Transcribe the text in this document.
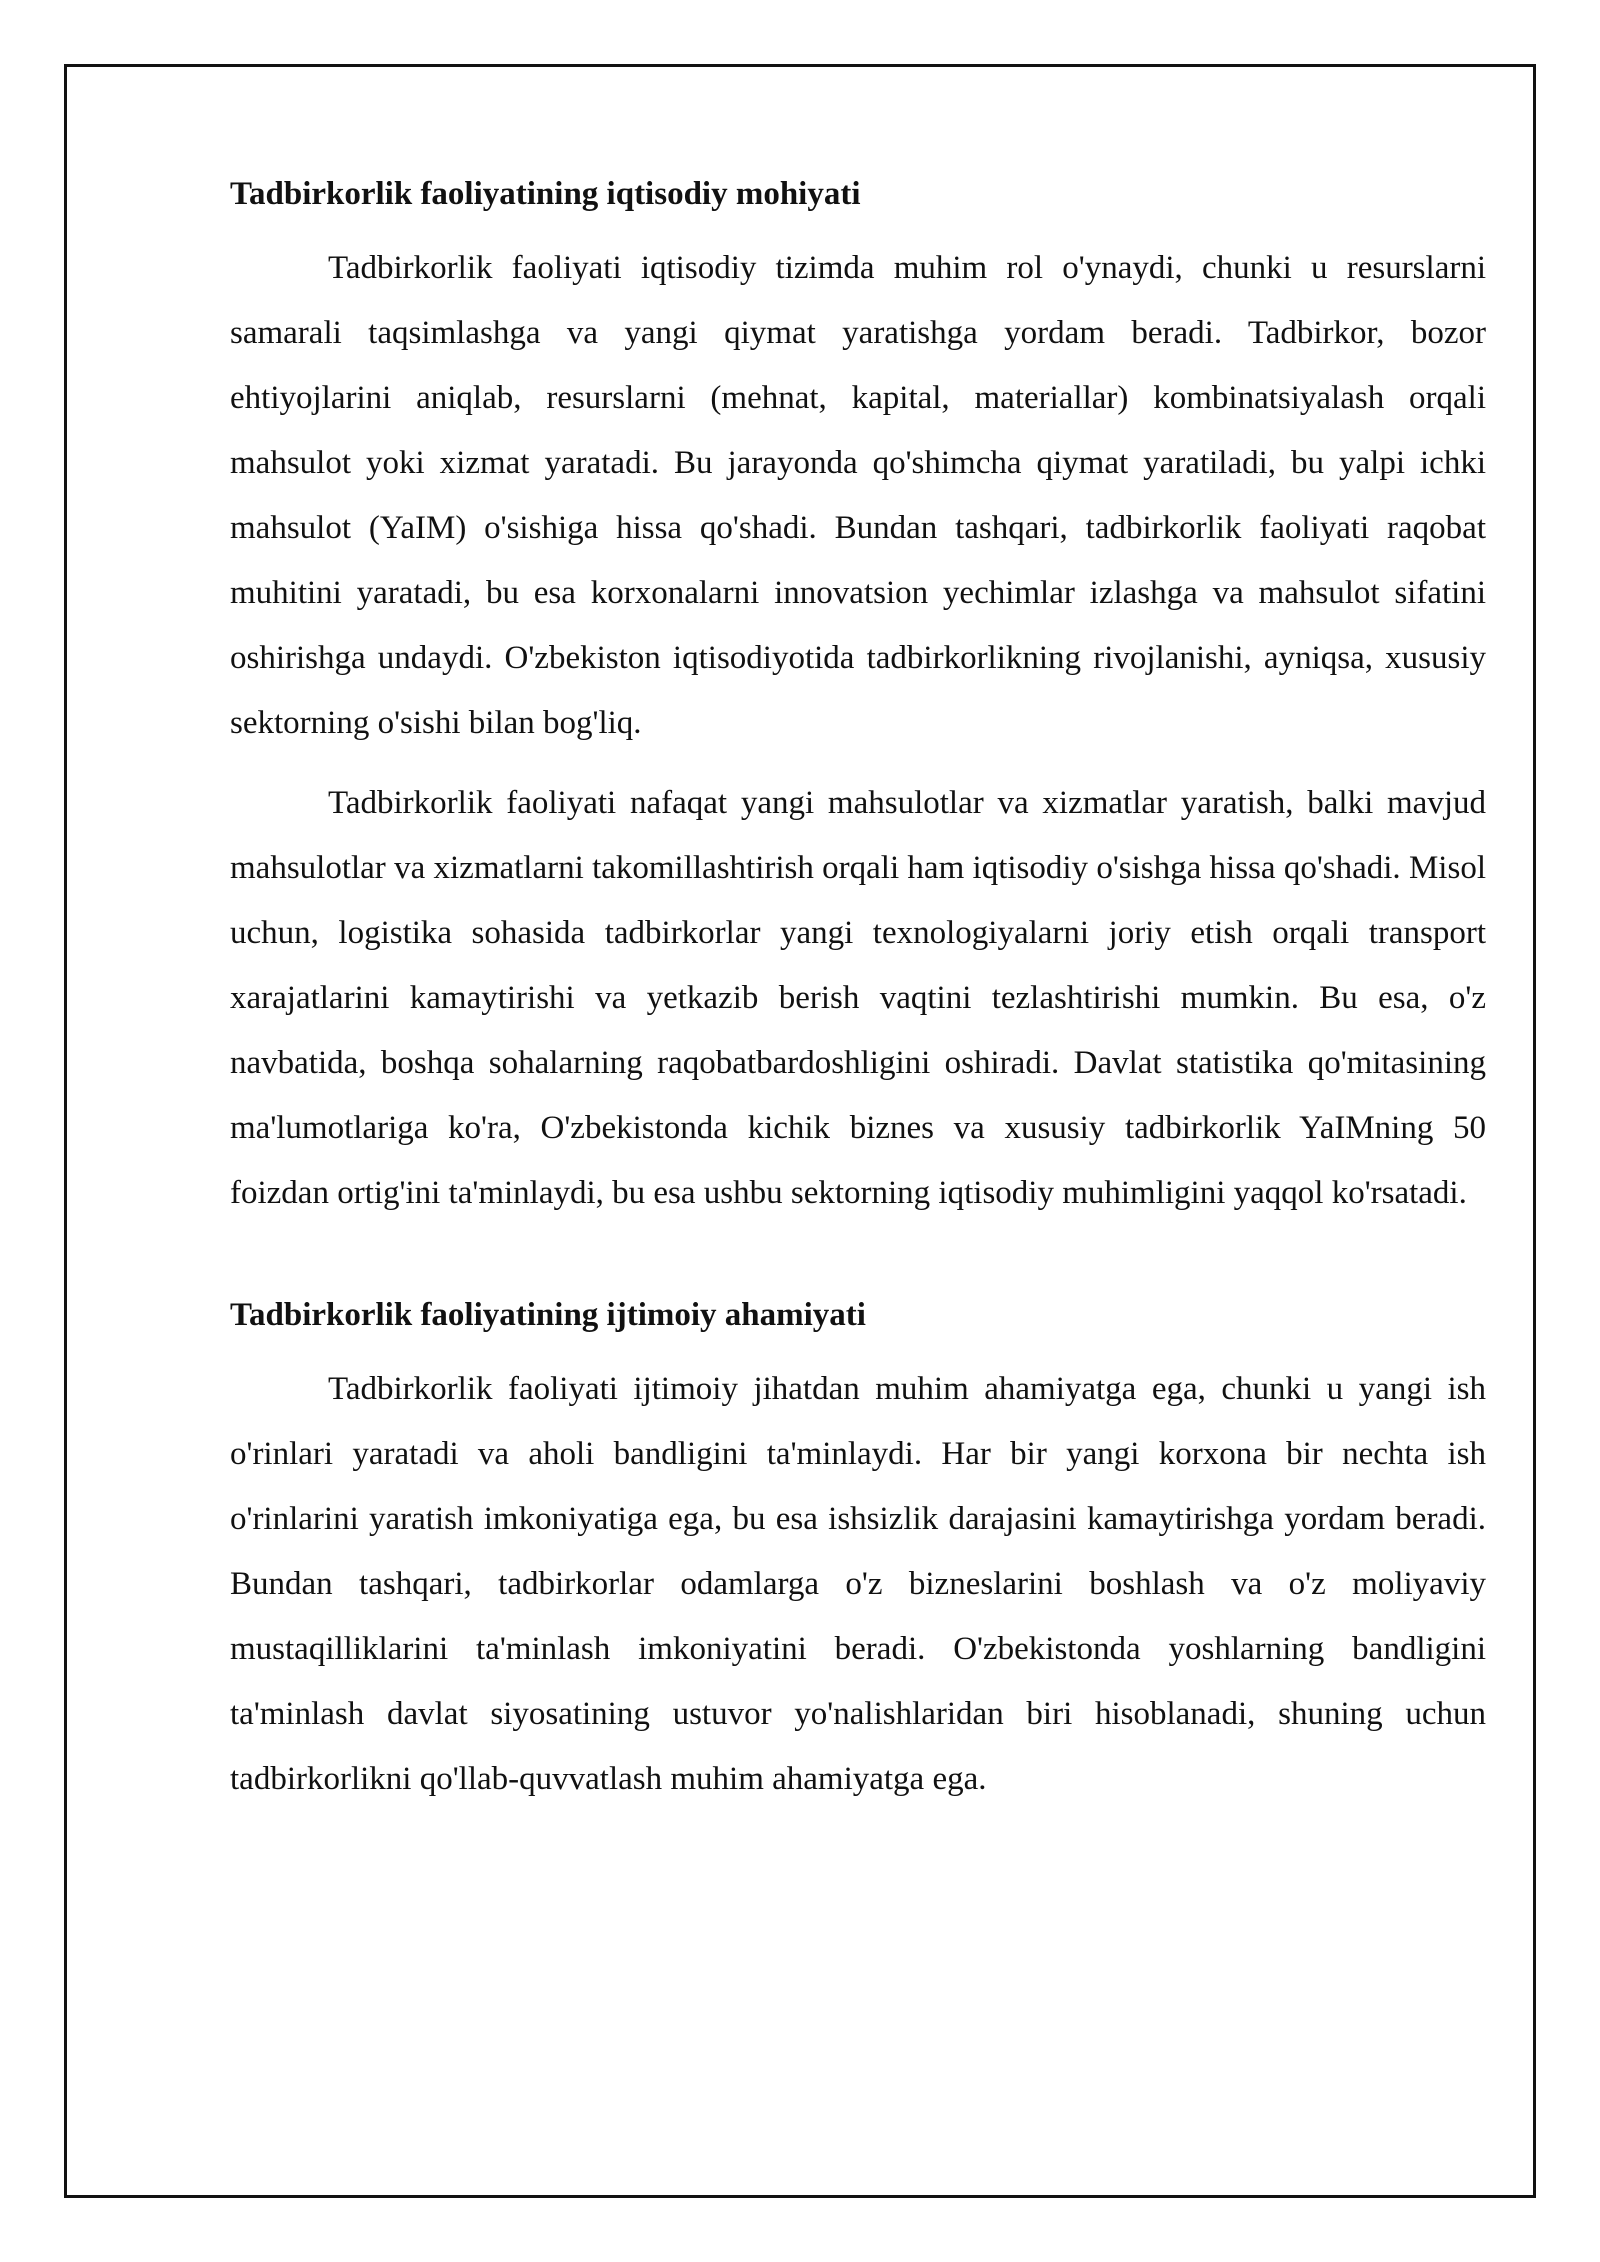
Tadbirkorlik faoliyatining iqtisodiy mohiyati

Tadbirkorlik faoliyati iqtisodiy tizimda muhim rol o'ynaydi, chunki u resurslarni samarali taqsimlashga va yangi qiymat yaratishga yordam beradi. Tadbirkor, bozor ehtiyojlarini aniqlab, resurslarni (mehnat, kapital, materiallar) kombinatsiyalash orqali mahsulot yoki xizmat yaratadi. Bu jarayonda qo'shimcha qiymat yaratiladi, bu yalpi ichki mahsulot (YaIM) o'sishiga hissa qo'shadi. Bundan tashqari, tadbirkorlik faoliyati raqobat muhitini yaratadi, bu esa korxonalarni innovatsion yechimlar izlashga va mahsulot sifatini oshirishga undaydi. O'zbekiston iqtisodiyotida tadbirkorlikning rivojlanishi, ayniqsa, xususiy sektorning o'sishi bilan bog'liq.

Tadbirkorlik faoliyati nafaqat yangi mahsulotlar va xizmatlar yaratish, balki mavjud mahsulotlar va xizmatlarni takomillashtirish orqali ham iqtisodiy o'sishga hissa qo'shadi. Misol uchun, logistika sohasida tadbirkorlar yangi texnologiyalarni joriy etish orqali transport xarajatlarini kamaytirishi va yetkazib berish vaqtini tezlashtirishi mumkin. Bu esa, o'z navbatida, boshqa sohalarning raqobatbardoshligini oshiradi. Davlat statistika qo'mitasining ma'lumotlariga ko'ra, O'zbekistonda kichik biznes va xususiy tadbirkorlik YaIMning 50 foizdan ortig'ini ta'minlaydi, bu esa ushbu sektorning iqtisodiy muhimligini yaqqol ko'rsatadi.

Tadbirkorlik faoliyatining ijtimoiy ahamiyati

Tadbirkorlik faoliyati ijtimoiy jihatdan muhim ahamiyatga ega, chunki u yangi ish o'rinlari yaratadi va aholi bandligini ta'minlaydi. Har bir yangi korxona bir nechta ish o'rinlarini yaratish imkoniyatiga ega, bu esa ishsizlik darajasini kamaytirishga yordam beradi. Bundan tashqari, tadbirkorlar odamlarga o'z bizneslarini boshlash va o'z moliyaviy mustaqilliklarini ta'minlash imkoniyatini beradi. O'zbekistonda yoshlarning bandligini ta'minlash davlat siyosatining ustuvor yo'nalishlaridan biri hisoblanadi, shuning uchun tadbirkorlikni qo'llab-quvvatlash muhim ahamiyatga ega.
